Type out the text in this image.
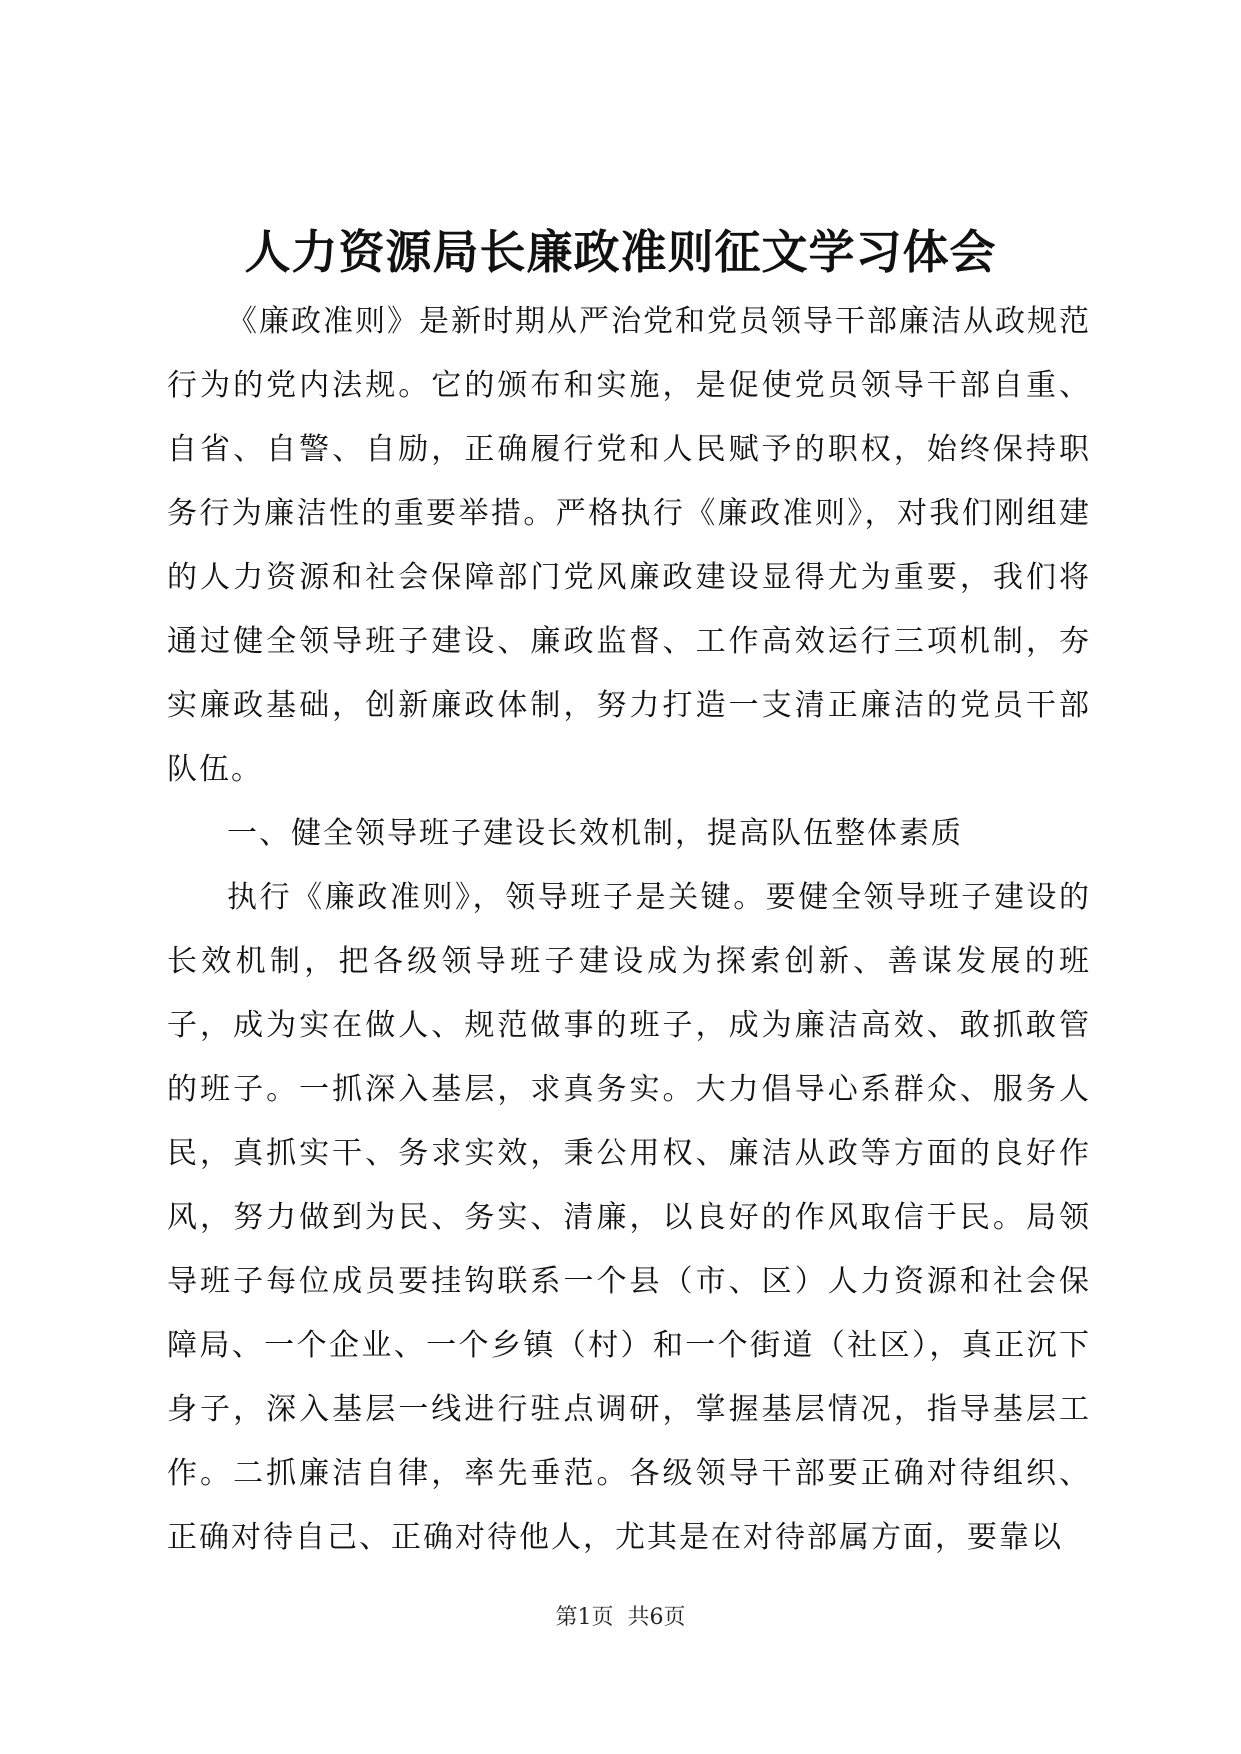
人力资源局长廉政准则征文学习体会

《廉政准则》是新时期从严治党和党员领导干部廉洁从政规范行为的党内法规。它的颁布和实施，是促使党员领导干部自重、自省、自警、自励，正确履行党和人民赋予的职权，始终保持职务行为廉洁性的重要举措。严格执行《廉政准则》，对我们刚组建的人力资源和社会保障部门党风廉政建设显得尤为重要，我们将通过健全领导班子建设、廉政监督、工作高效运行三项机制，夯实廉政基础，创新廉政体制，努力打造一支清正廉洁的党员干部队伍。

一、健全领导班子建设长效机制，提高队伍整体素质

执行《廉政准则》，领导班子是关键。要健全领导班子建设的长效机制，把各级领导班子建设成为探索创新、善谋发展的班子，成为实在做人、规范做事的班子，成为廉洁高效、敢抓敢管的班子。一抓深入基层，求真务实。大力倡导心系群众、服务人民，真抓实干、务求实效，秉公用权、廉洁从政等方面的良好作风，努力做到为民、务实、清廉，以良好的作风取信于民。局领导班子每位成员要挂钩联系一个县（市、区）人力资源和社会保障局、一个企业、一个乡镇（村）和一个街道（社区），真正沉下身子，深入基层一线进行驻点调研，掌握基层情况，指导基层工作。二抓廉洁自律，率先垂范。各级领导干部要正确对待组织、正确对待自己、正确对待他人，尤其是在对待部属方面，要靠以

第1页 共6页
